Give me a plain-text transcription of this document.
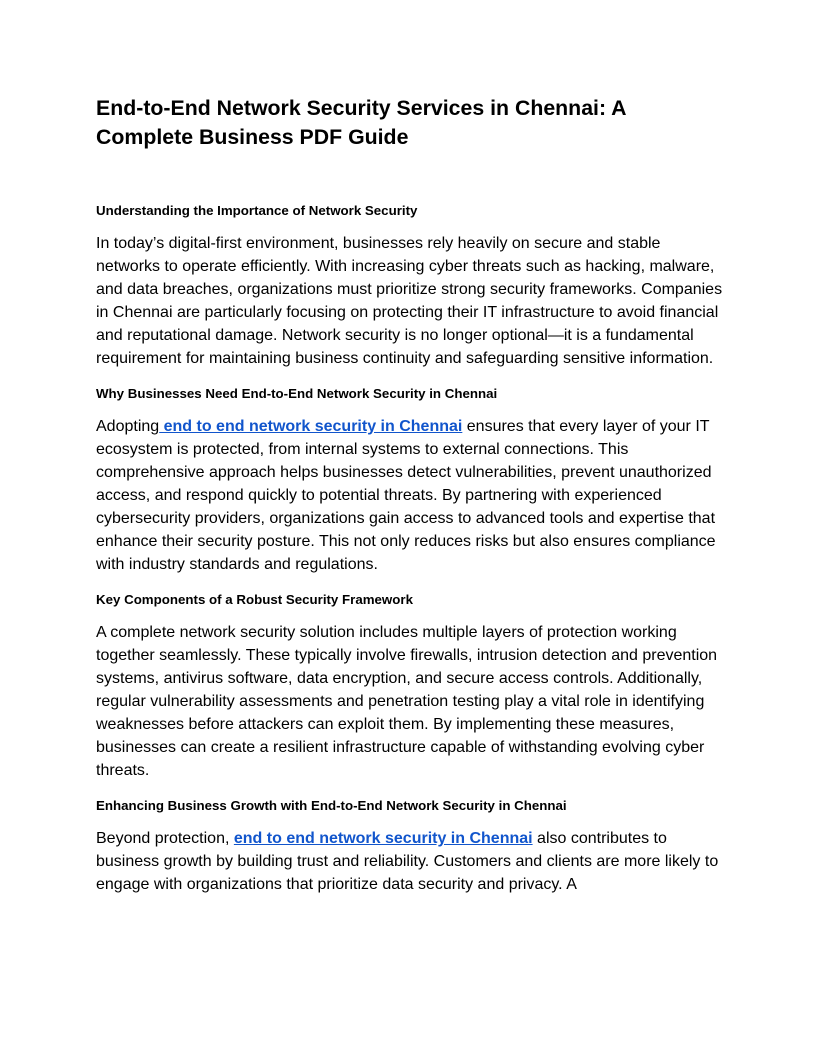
End-to-End Network Security Services in Chennai: A Complete Business PDF Guide
Understanding the Importance of Network Security

In today’s digital-first environment, businesses rely heavily on secure and stable networks to operate efficiently. With increasing cyber threats such as hacking, malware, and data breaches, organizations must prioritize strong security frameworks. Companies in Chennai are particularly focusing on protecting their IT infrastructure to avoid financial and reputational damage. Network security is no longer optional—it is a fundamental requirement for maintaining business continuity and safeguarding sensitive information.

Why Businesses Need End-to-End Network Security in Chennai

Adopting end to end network security in Chennai ensures that every layer of your IT ecosystem is protected, from internal systems to external connections. This comprehensive approach helps businesses detect vulnerabilities, prevent unauthorized access, and respond quickly to potential threats. By partnering with experienced cybersecurity providers, organizations gain access to advanced tools and expertise that enhance their security posture. This not only reduces risks but also ensures compliance with industry standards and regulations.

Key Components of a Robust Security Framework

A complete network security solution includes multiple layers of protection working together seamlessly. These typically involve firewalls, intrusion detection and prevention systems, antivirus software, data encryption, and secure access controls. Additionally, regular vulnerability assessments and penetration testing play a vital role in identifying weaknesses before attackers can exploit them. By implementing these measures, businesses can create a resilient infrastructure capable of withstanding evolving cyber threats.

Enhancing Business Growth with End-to-End Network Security in Chennai

Beyond protection, end to end network security in Chennai also contributes to business growth by building trust and reliability. Customers and clients are more likely to engage with organizations that prioritize data security and privacy. A
